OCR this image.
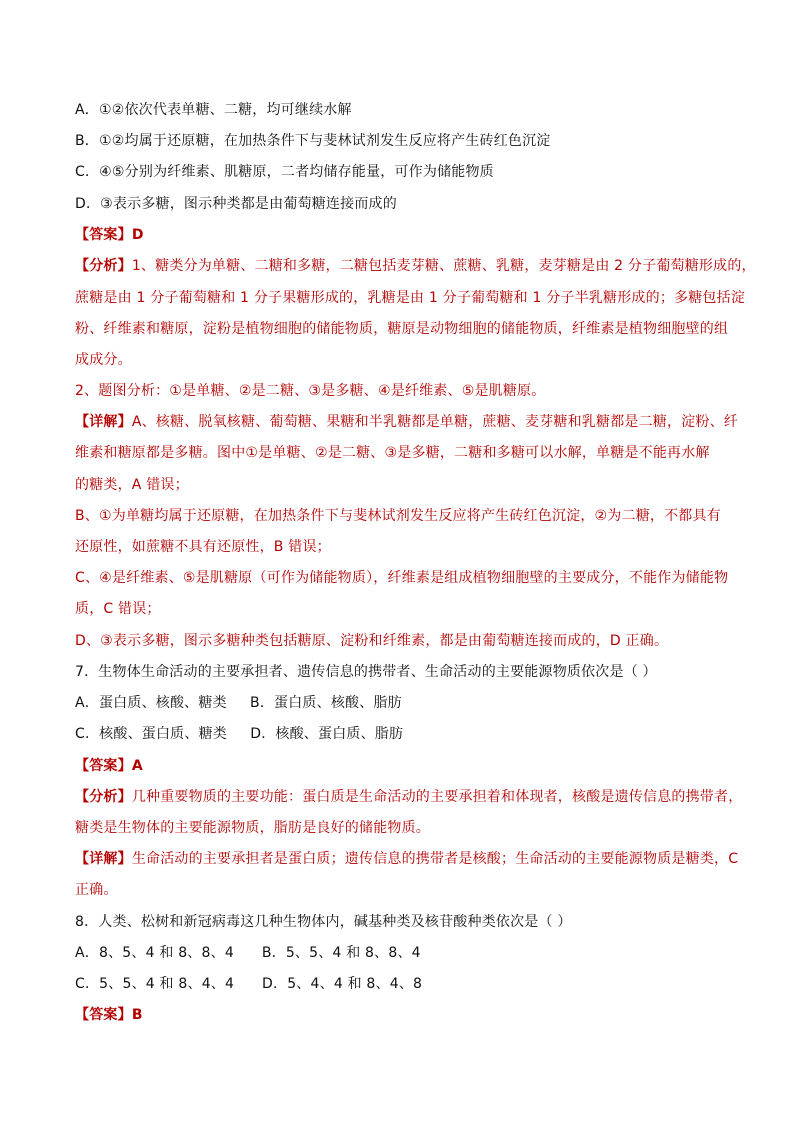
A．①②依次代表单糖、二糖，均可继续水解
B．①②均属于还原糖，在加热条件下与斐林试剂发生反应将产生砖红色沉淀
C．④⑤分别为纤维素、肌糖原，二者均储存能量，可作为储能物质
D．③表示多糖，图示种类都是由葡萄糖连接而成的
【答案】D
【分析】1、糖类分为单糖、二糖和多糖，二糖包括麦芽糖、蔗糖、乳糖，麦芽糖是由 2 分子葡萄糖形成的，
蔗糖是由 1 分子葡萄糖和 1 分子果糖形成的，乳糖是由 1 分子葡萄糖和 1 分子半乳糖形成的；多糖包括淀
粉、纤维素和糖原，淀粉是植物细胞的储能物质，糖原是动物细胞的储能物质，纤维素是植物细胞壁的组
成成分。
2、题图分析：①是单糖、②是二糖、③是多糖、④是纤维素、⑤是肌糖原。
【详解】A、核糖、脱氧核糖、葡萄糖、果糖和半乳糖都是单糖，蔗糖、麦芽糖和乳糖都是二糖，淀粉、纤
维素和糖原都是多糖。图中①是单糖、②是二糖、③是多糖，二糖和多糖可以水解，单糖是不能再水解
的糖类，A 错误；
B、①为单糖均属于还原糖，在加热条件下与斐林试剂发生反应将产生砖红色沉淀，②为二糖，不都具有
还原性，如蔗糖不具有还原性，B 错误；
C、④是纤维素、⑤是肌糖原（可作为储能物质），纤维素是组成植物细胞壁的主要成分，不能作为储能物
质，C 错误；
D、③表示多糖，图示多糖种类包括糖原、淀粉和纤维素，都是由葡萄糖连接而成的，D 正确。
7．生物体生命活动的主要承担者、遗传信息的携带者、生命活动的主要能源物质依次是（ ）
A．蛋白质、核酸、糖类     B．蛋白质、核酸、脂肪
C．核酸、蛋白质、糖类     D．核酸、蛋白质、脂肪
【答案】A
【分析】几种重要物质的主要功能：蛋白质是生命活动的主要承担着和体现者，核酸是遗传信息的携带者，
糖类是生物体的主要能源物质，脂肪是良好的储能物质。
【详解】生命活动的主要承担者是蛋白质；遗传信息的携带者是核酸；生命活动的主要能源物质是糖类，C
正确。
8．人类、松树和新冠病毒这几种生物体内，碱基种类及核苷酸种类依次是（ ）
A．8、5、4 和 8、8、4      B．5、5、4 和 8、8、4
C．5、5、4 和 8、4、4      D．5、4、4 和 8、4、8
【答案】B
